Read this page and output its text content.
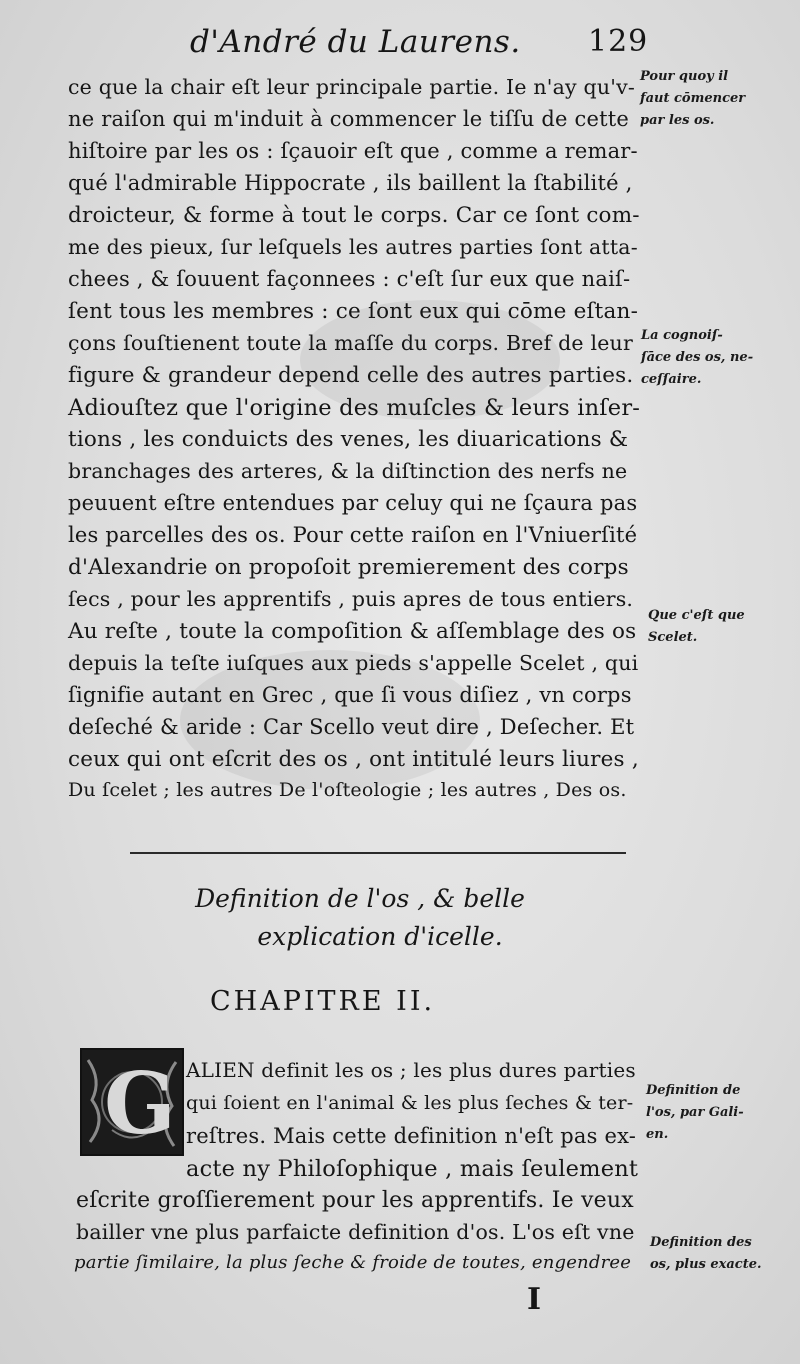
d'André du Laurens. 129
ce que la chair eſt leur principale partie. Ie n'ay qu'v-
ne raiſon qui m'induit à commencer le tiſſu de cette
hiſtoire par les os : ſçauoir eſt que , comme a remar-
qué l'admirable Hippocrate , ils baillent la ſtabilité ,
droicteur, & forme à tout le corps. Car ce ſont com-
me des pieux, ſur leſquels les autres parties ſont atta-
chees , & ſouuent façonnees : c'eſt ſur eux que naiſ-
ſent tous les membres : ce ſont eux qui cōme eſtan-
çons ſouſtienent toute la maſſe du corps. Bref de leur
figure & grandeur depend celle des autres parties.
Adiouſtez que l'origine des muſcles & leurs inſer-
tions , les conduicts des venes, les diuarications &
branchages des arteres, & la diſtinction des nerfs ne
peuuent eſtre entendues par celuy qui ne ſçaura pas
les parcelles des os. Pour cette raiſon en l'Vniuerſité
d'Alexandrie on propoſoit premierement des corps
ſecs , pour les apprentifs , puis apres de tous entiers.
Au reſte , toute la compoſition & aſſemblage des os
depuis la teſte iuſques aux pieds s'appelle Scelet , qui
ſignifie autant en Grec , que ſi vous diſiez , vn corps
deſeché & aride : Car Scello veut dire , Deſecher. Et
ceux qui ont eſcrit des os , ont intitulé leurs liures ,
Du ſcelet ; les autres De l'oſteologie ; les autres , Des os.
Pour quoy il
faut cōmencer
par les os.
La cognoiſ-
ſāce des os, ne-
ceſſaire.
Que c'eſt que
Scelet.
Definition de
l'os, par Gali-
en.
Definition des
os, plus exacte.
Definition de l'os , & belle
explication d'icelle.
CHAPITRE II.
G ALIEN definit les os ; les plus dures parties
qui ſoient en l'animal & les plus ſeches & ter-
reſtres. Mais cette definition n'eſt pas ex-
acte ny Philoſophique , mais ſeulement
eſcrite groſſierement pour les apprentifs. Ie veux
bailler vne plus parfaicte definition d'os. L'os eſt vne
partie ſimilaire, la plus ſeche & froide de toutes, engendree
I
